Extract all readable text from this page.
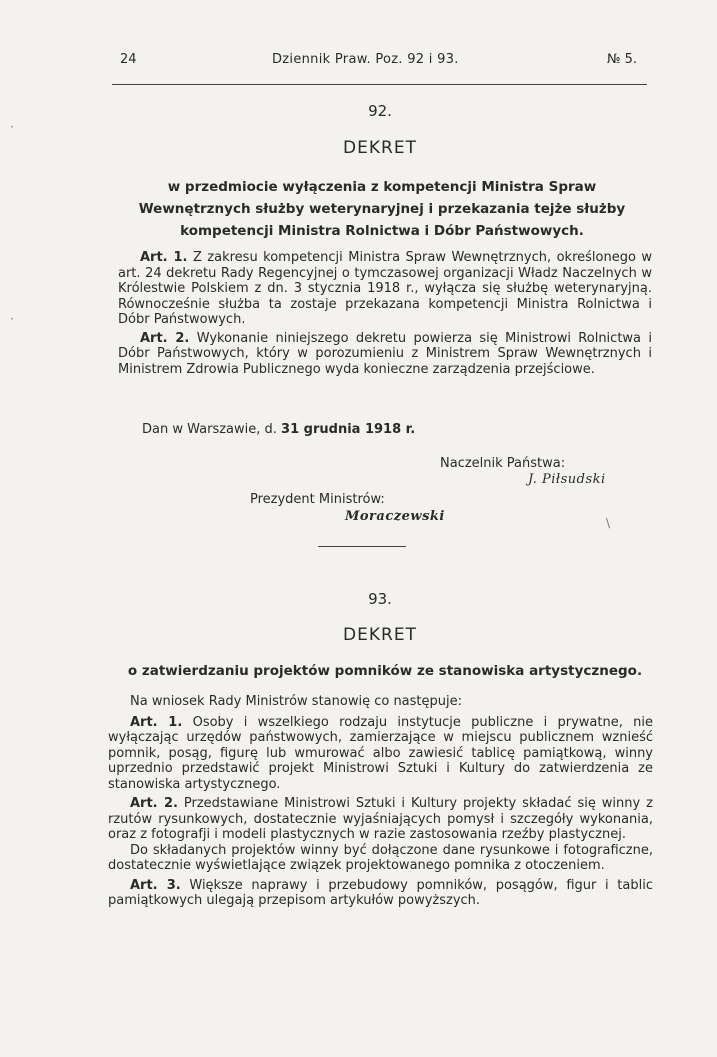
24	Dziennik Praw. Poz. 92 i 93.	№ 5.
92.
DEKRET
w przedmiocie wyłączenia z kompetencji Ministra Spraw Wewnętrznych służby weterynaryjnej i przekazania tejże służby kompetencji Ministra Rolnictwa i Dóbr Państwowych.

Art. 1. Z zakresu kompetencji Ministra Spraw Wewnętrznych, określonego w art. 24 dekretu Rady Regencyjnej o tymczasowej organizacji Władz Naczelnych w Królestwie Polskiem z dn. 3 stycznia 1918 r., wyłącza się służbę weterynaryjną. Równocześnie służba ta zostaje przekazana kompetencji Ministra Rolnictwa i Dóbr Państwowych.

Art. 2. Wykonanie niniejszego dekretu powierza się Ministrowi Rolnictwa i Dóbr Państwowych, który w porozumieniu z Ministrem Spraw Wewnętrznych i Ministrem Zdrowia Publicznego wyda konieczne zarządzenia przejściowe.

Dan w Warszawie, d. 31 grudnia 1918 r.
Naczelnik Państwa:
J. Piłsudski
Prezydent Ministrów:
Moraczewski
93.
DEKRET
o zatwierdzaniu projektów pomników ze stanowiska artystycznego.

Na wniosek Rady Ministrów stanowię co następuje:

Art. 1. Osoby i wszelkiego rodzaju instytucje publiczne i prywatne, nie wyłączając urzędów państwowych, zamierzające w miejscu publicznem wznieść pomnik, posąg, figurę lub wmurować albo zawiesić tablicę pamiątkową, winny uprzednio przedstawić projekt Ministrowi Sztuki i Kultury do zatwierdzenia ze stanowiska artystycznego.

Art. 2. Przedstawiane Ministrowi Sztuki i Kultury projekty składać się winny z rzutów rysunkowych, dostatecznie wyjaśniających pomysł i szczegóły wykonania, oraz z fotografji i modeli plastycznych w razie zastosowania rzeźby plastycznej.

Do składanych projektów winny być dołączone dane rysunkowe i fotograficzne, dostatecznie wyświetlające związek projektowanego pomnika z otoczeniem.

Art. 3. Większe naprawy i przebudowy pomników, posągów, figur i tablic pamiątkowych ulegają przepisom artykułów powyższych.

·
·
\
